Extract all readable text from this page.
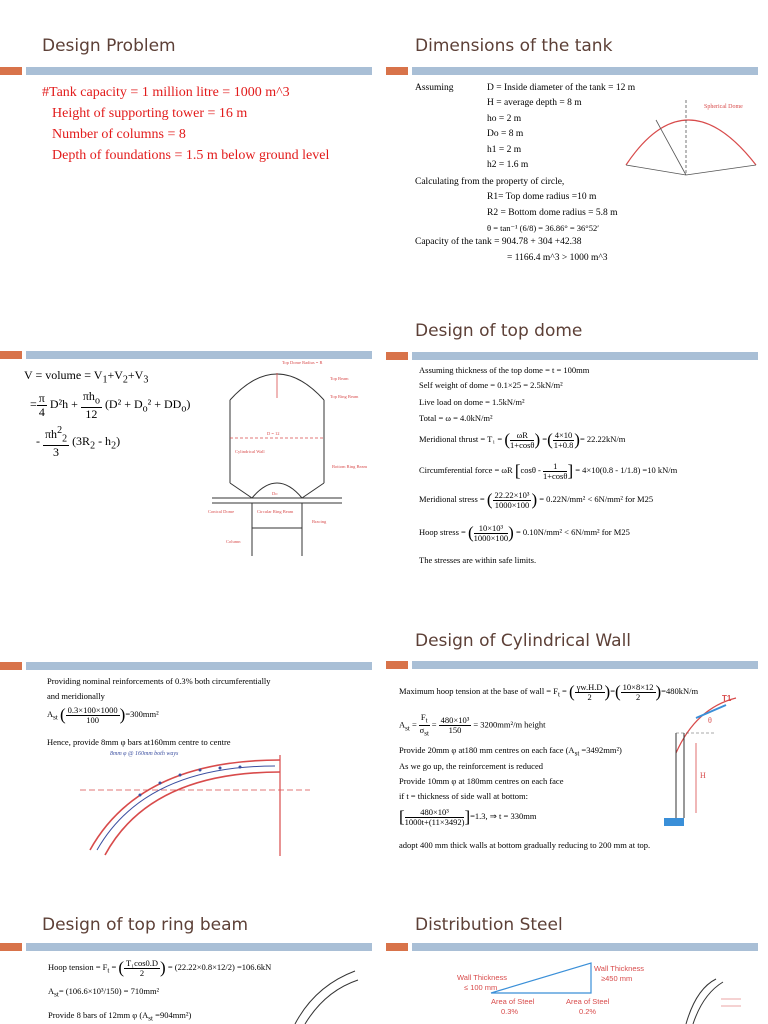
Design Problem
#Tank capacity = 1 million litre = 1000 m^3
Height of supporting tower = 16 m
Number of columns = 8
Depth of foundations = 1.5 m below ground level
Dimensions of the tank
Assuming	D = Inside diameter of the tank = 12 m
H = average depth = 8 m
ho = 2 m
Do = 8 m
h1 = 2 m
h2 = 1.6 m
Calculating from the property of circle,
R1= Top dome radius =10 m
R2 = Bottom dome radius = 5.8 m
θ = tan⁻¹ (6/8) = 36.86° = 36°52′
Spherical Dome
Capacity of the tank = 904.78 + 304 +42.38
= 1166.4 m^3 > 1000 m^3
V = volume = $V_1+V_2+V_3$
= $\frac{\pi}{4} D^2h + \frac{\pi h_o}{12} (D^2 + D_o^2 + DD_o)$
- $\frac{\pi h^2_2}{3} (3R_2 - h_2)$
Top Dome Radius = R
Top Beam
Top Ring Beam
Cylindrical Wall
Bottom Ring Beam
Circular Ring Beam
Conical Dome
Bracing
Column
D = 12
Do
Design of top dome
Assuming thickness of the top dome = t = 100mm
Self weight of dome = 0.1×25 = 2.5kN/m²
Live load on dome = 1.5kN/m²
Total = ω = 4.0kN/m²
Meridional thrust = T₁ = ( $\frac{\omega R}{1+\cos\theta}$ ) =( $\frac{4\times 10}{1+0.8}$ )= 22.22kN/m
Circumferential force = ωR [$\cos\theta - \frac{1}{1+\cos\theta}$ ] = 4×10(0.8 - 1/1.8) =10 kN/m
Meridional stress = ( $\frac{\text{22.22×10³}}{1000\times 100}$ ) = 0.22N/mm² < 6N/mm² for M25
Hoop stress = ( $\frac{\text{10×10³}}{1000\times 100}$ ) = 0.10N/mm² < 6N/mm² for M25
The stresses are within safe limits.
Providing nominal reinforcements of 0.3% both circumferentially
and meridionally
$A_{st}$ ( $\frac{0.3\times 100\times 1000}{100} )=300mm^2$
Hence, provide 8mm φ bars at160mm centre to centre
8mm φ @ 160mm both ways
Design of Cylindrical Wall
Maximum hoop tension at the base of wall = $F_t$ = ( $\frac{\gamma w.H.D}{2}$ )=( $\frac{10\times 8\times 12}{2} )=480kN/m$
$A_{st} = \frac{F_t}{\sigma_{st}} = \frac{\text{480×10³}}{150} = 3200mm^2/m$ height
Provide 20mm φ at180 mm centres on each face $(A_{st} =3492mm^2)$
As we go up, the reinforcement is reduced
Provide 10mm φ at 180mm centres on each face
if t = thickness of side wall at bottom:
[ $\frac{\text{480×10³}}{1000t+(11\times 3492)} ]=1.3$, ⇒ t = 330mm
adopt 400 mm thick walls at bottom gradually reducing to 200 mm at top.
T1
θ
H
Design of top ring beam
Hoop tension = $F_t$ = ( $\frac{\text{T₁cos0.D}}{2}$ ) = (22.22×0.8×12/2) =106.6kN
$A_{st}= (106.6\times 10^3/150) = 710mm^2$
Provide 8 bars of 12mm φ $(A_{st} =904mm^2)$
Distribution Steel
Wall Thickness
≤ 100 mm
Wall Thickness
≥450 mm
Area of Steel
0.3%
Area of Steel
0.2%
